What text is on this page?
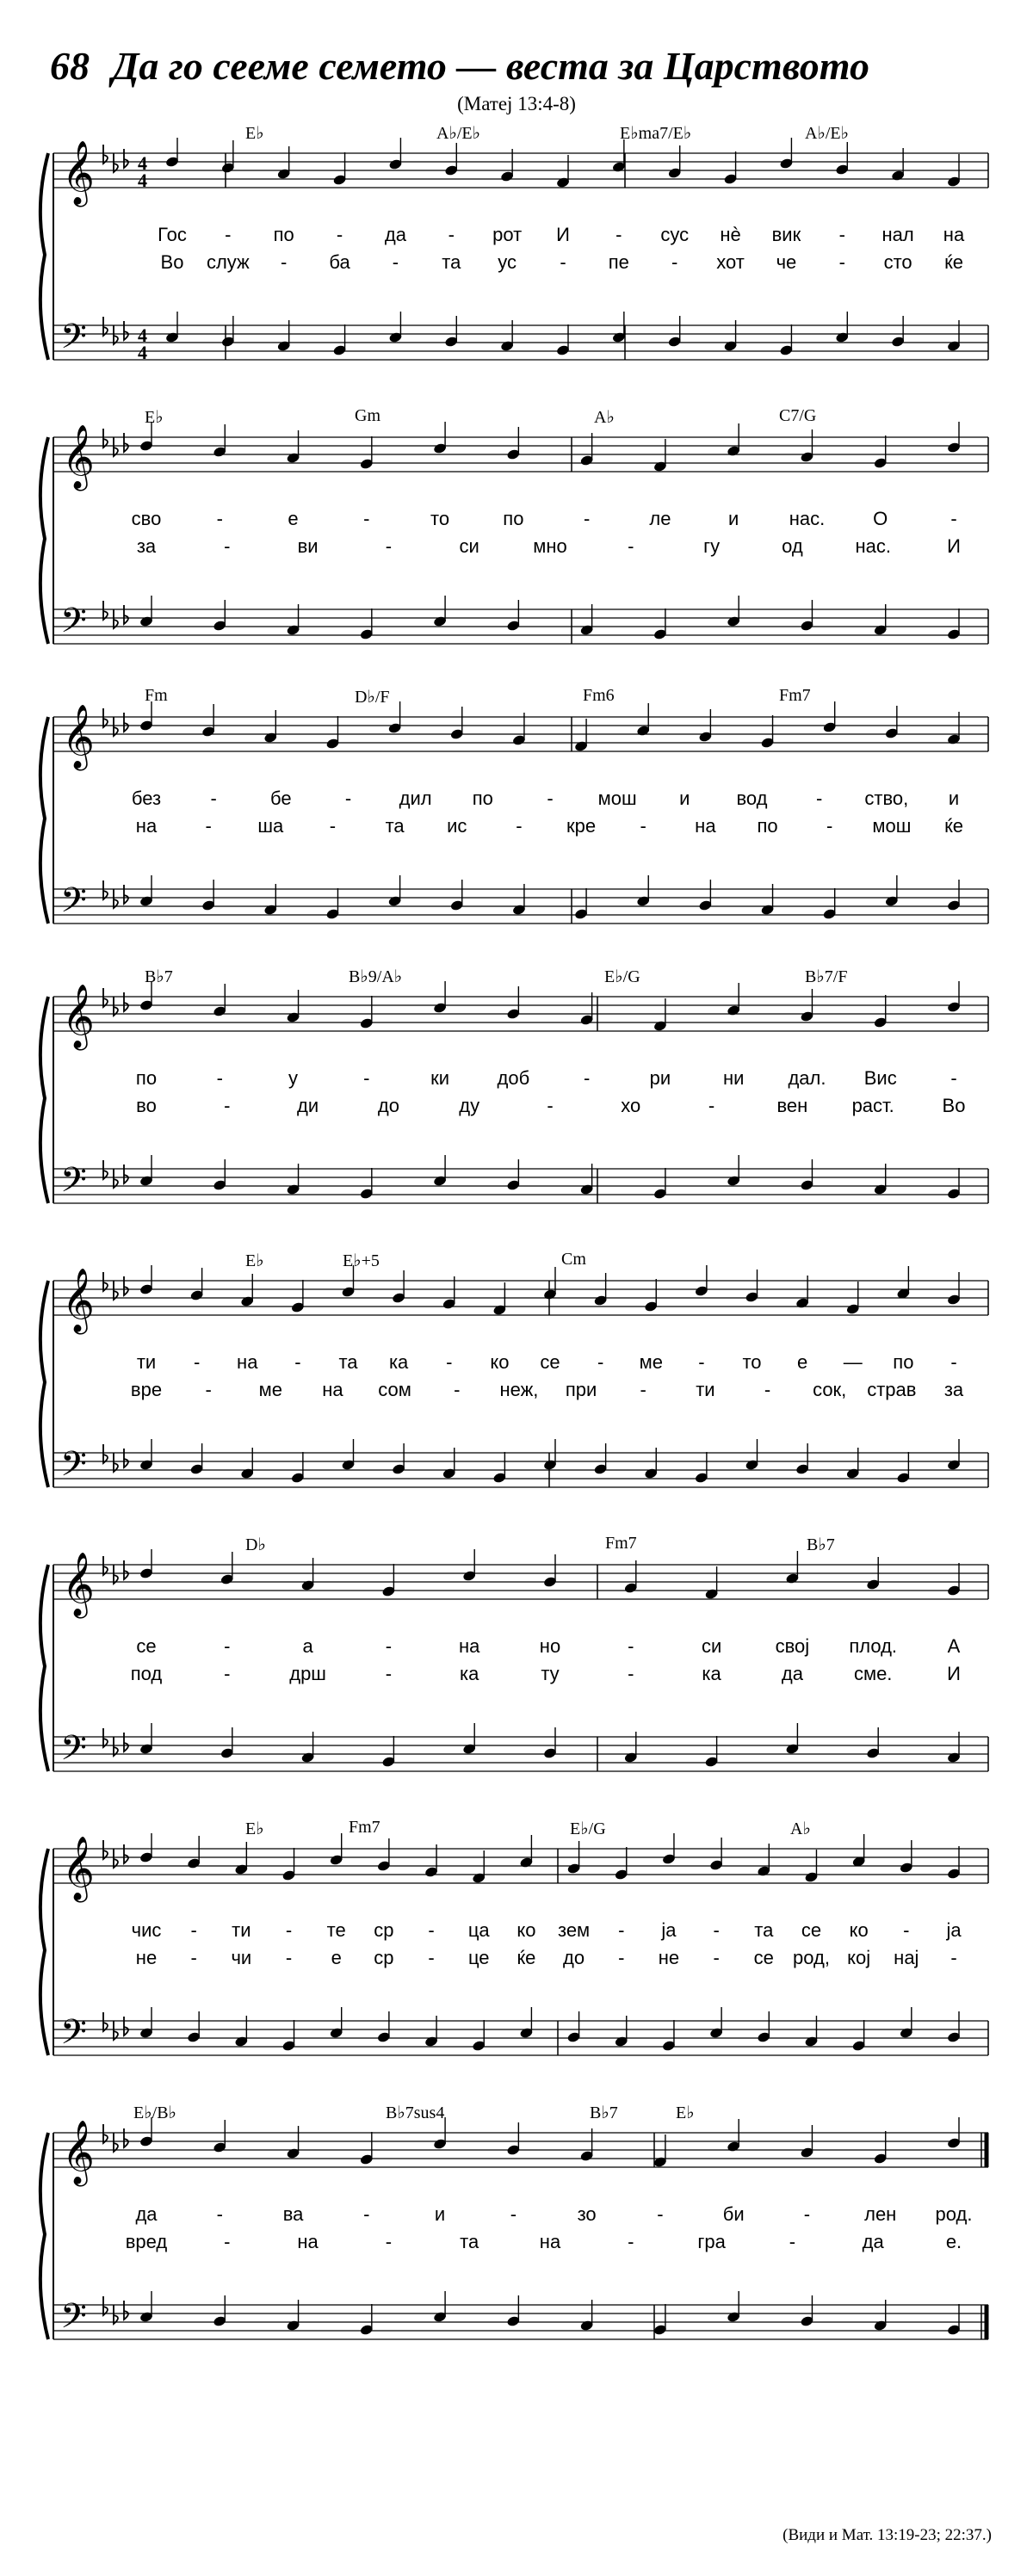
68 Да го сееме семето — веста за Царството
(Матеј 13:4-8)
𝄞
𝄢
4
4
4
4
E♭	A♭/E♭	E♭ma7/E♭	A♭/E♭
Гос - по - да - рот И - сус нè вик - нал на
Во служ - ба - та ус - пе - хот че - сто ќе
𝄞
𝄢
E♭	Gm	A♭	C7/G
сво	-	е	-	то	по	-	ле	и	нас.	О	-
за	-	ви	-	си	мно	-	гу	од	нас.	И
𝄞
𝄢
Fm	D♭/F	Fm6	Fm7
без	-	бе	-	дил по	- мош и вод	- ство, и
на	- ша -	та ис	- кре -	на по	- мош ќе
𝄞
𝄢
B♭7	B♭9/A♭	E♭/G	B♭7/F
по	-	у	-	ки	доб	-	ри	ни дал. Вис	-
во	-	ди	до	ду	-	хо	-	вен раст.	Во
𝄞
𝄢
E♭	E♭+5	Cm
ти - на - та ка - ко се - ме - то е — по -
вре - ме на сом - неж, при -	ти	- сок, страв за
𝄞
𝄢
D♭	Fm7	B♭7
се	-	а	-	на	но	-	си	свој плод.	А
под	-	дрш	-	ка	ту	-	ка	да	сме.	И
𝄞
𝄢
E♭	Fm7	E♭/G	A♭
чис - ти - те ср - ца ко зем - ја - та се ко - ја
не - чи - е ср - це ќе до - не - се род, кој нај -
𝄞
𝄢
E♭/B♭	B♭7sus4	B♭7	E♭
да	-	ва	-	и	-	зо	-	би	-	лен род.
вред	-	на	-	та	на	-	гра	-	да	е.
(Види и Мат. 13:19-23; 22:37.)
